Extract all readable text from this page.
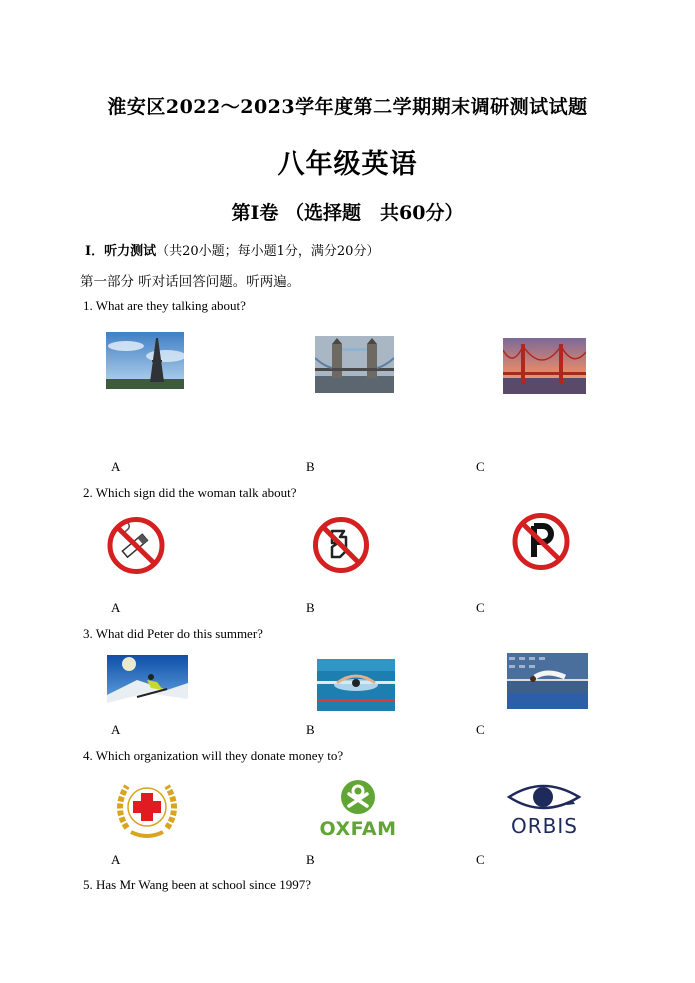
淮安区2022～2023学年度第二学期期末调研测试试题
八年级英语
第Ⅰ卷 （选择题　共60分）
Ⅰ．听力测试（共20小题；每小题1分，满分20分）
第一部分 听对话回答问题。听两遍。
1. What are they talking about?
A	B	C
2. Which sign did the woman talk about?
A	B	C
3. What did Peter do this summer?
A	B	C
4. Which organization will they donate money to?
OXFAM	ORBIS
A	B	C
5. Has Mr Wang been at school since 1997?
